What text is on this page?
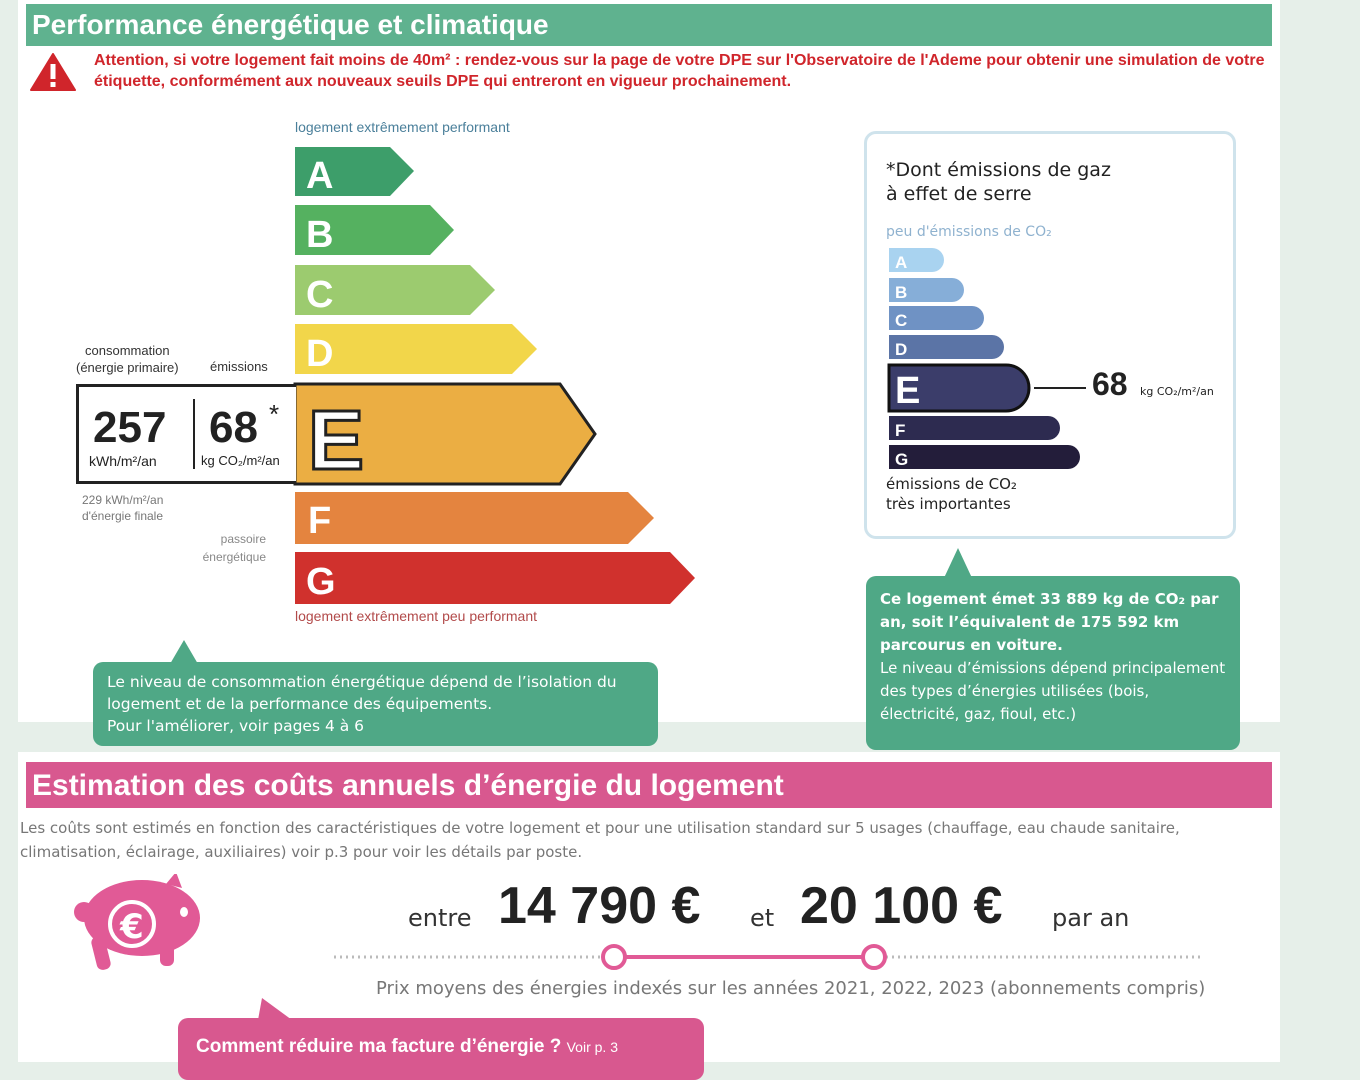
Performance énergétique et climatique
Attention, si votre logement fait moins de 40m² : rendez-vous sur la page de votre DPE sur l'Observatoire de l'Ademe pour obtenir une simulation de votre étiquette, conformément aux nouveaux seuils DPE qui entreront en vigueur prochainement.
logement extrêmement performant
A
B
C
D
E
F
G
logement extrêmement peu performant
consommation
(énergie primaire) émissions
257
kWh/m²/an
68 *
kg CO₂/m²/an
229 kWh/m²/an
d'énergie finale
passoire
énergétique
Le niveau de consommation énergétique dépend de l’isolation du
logement et de la performance des équipements.
Pour l'améliorer, voir pages 4 à 6
*Dont émissions de gaz
à effet de serre
peu d'émissions de CO₂
A
B
C
D
E
F
G
68 kg CO₂/m²/an
émissions de CO₂
très importantes
Ce logement émet 33 889 kg de CO₂ par an, soit l’équivalent de 175 592 km parcourus en voiture.
Le niveau d’émissions dépend principalement des types d’énergies utilisées (bois, électricité, gaz, fioul, etc.)
Estimation des coûts annuels d’énergie du logement
Les coûts sont estimés en fonction des caractéristiques de votre logement et pour une utilisation standard sur 5 usages (chauffage, eau chaude sanitaire, climatisation, éclairage, auxiliaires) voir p.3 pour voir les détails par poste.
€	entre 14 790 € et 20 100 € par an
Prix moyens des énergies indexés sur les années 2021, 2022, 2023 (abonnements compris)
Comment réduire ma facture d’énergie ? Voir p. 3
